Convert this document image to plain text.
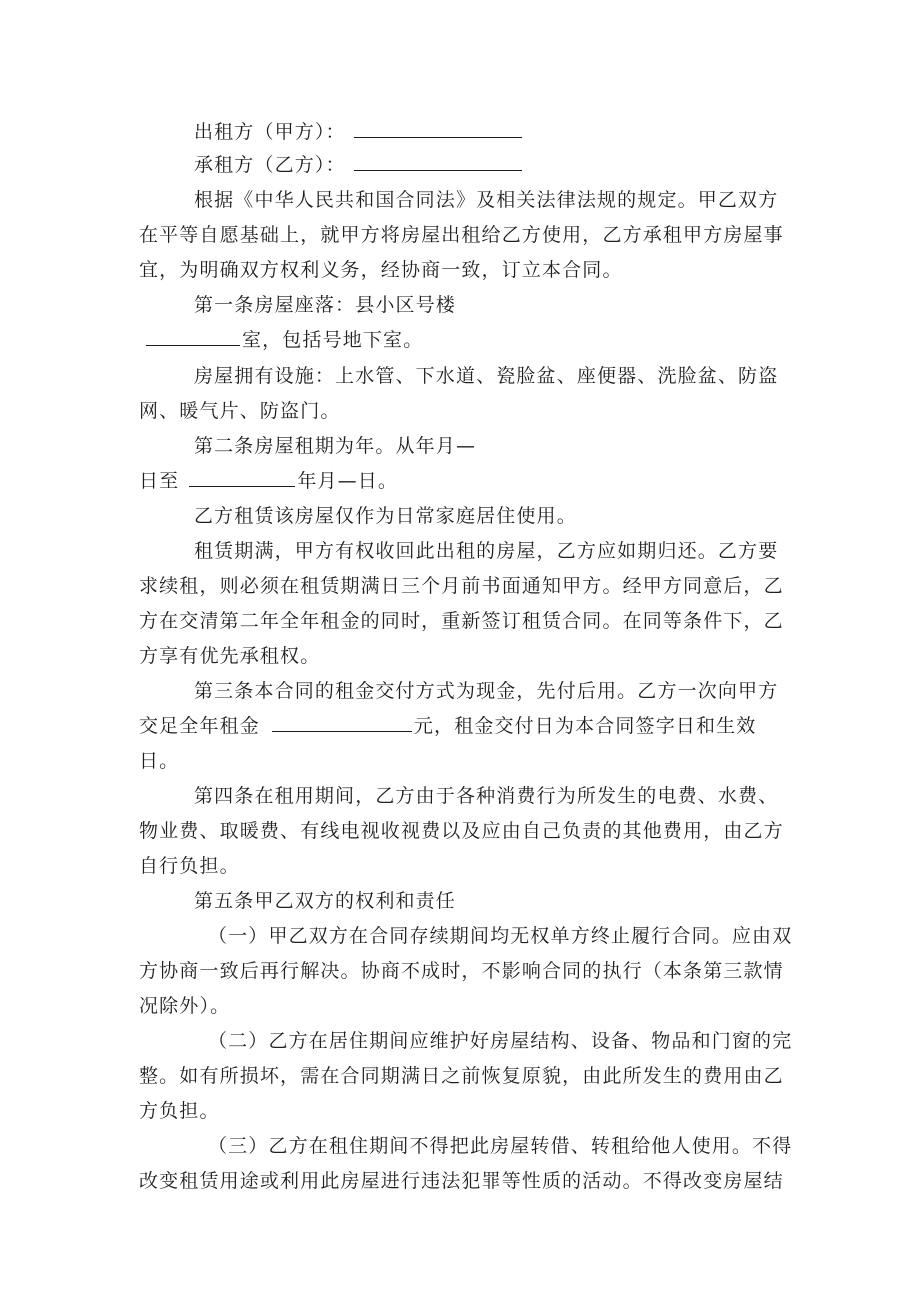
出租方（甲方）：
承租方（乙方）：
根据《中华人民共和国合同法》及相关法律法规的规定。甲乙双方
在平等自愿基础上，就甲方将房屋出租给乙方使用，乙方承租甲方房屋事
宜，为明确双方权利义务，经协商一致，订立本合同。
第一条房屋座落：县小区号楼
室，包括号地下室。
房屋拥有设施：上水管、下水道、瓷脸盆、座便器、洗脸盆、防盗
网、暖气片、防盗门。
第二条房屋租期为年。从年月—
日至	年月—日。
乙方租赁该房屋仅作为日常家庭居住使用。
租赁期满，甲方有权收回此出租的房屋，乙方应如期归还。乙方要
求续租，则必须在租赁期满日三个月前书面通知甲方。经甲方同意后，乙
方在交清第二年全年租金的同时，重新签订租赁合同。在同等条件下，乙
方享有优先承租权。
第三条本合同的租金交付方式为现金，先付后用。乙方一次向甲方
交足全年租金	元，租金交付日为本合同签字日和生效
日。
第四条在租用期间，乙方由于各种消费行为所发生的电费、水费、
物业费、取暖费、有线电视收视费以及应由自己负责的其他费用，由乙方
自行负担。
第五条甲乙双方的权利和责任
（一）甲乙双方在合同存续期间均无权单方终止履行合同。应由双
方协商一致后再行解决。协商不成时，不影响合同的执行（本条第三款情
况除外）。
（二）乙方在居住期间应维护好房屋结构、设备、物品和门窗的完
整。如有所损坏，需在合同期满日之前恢复原貌，由此所发生的费用由乙
方负担。
（三）乙方在租住期间不得把此房屋转借、转租给他人使用。不得
改变租赁用途或利用此房屋进行违法犯罪等性质的活动。不得改变房屋结
